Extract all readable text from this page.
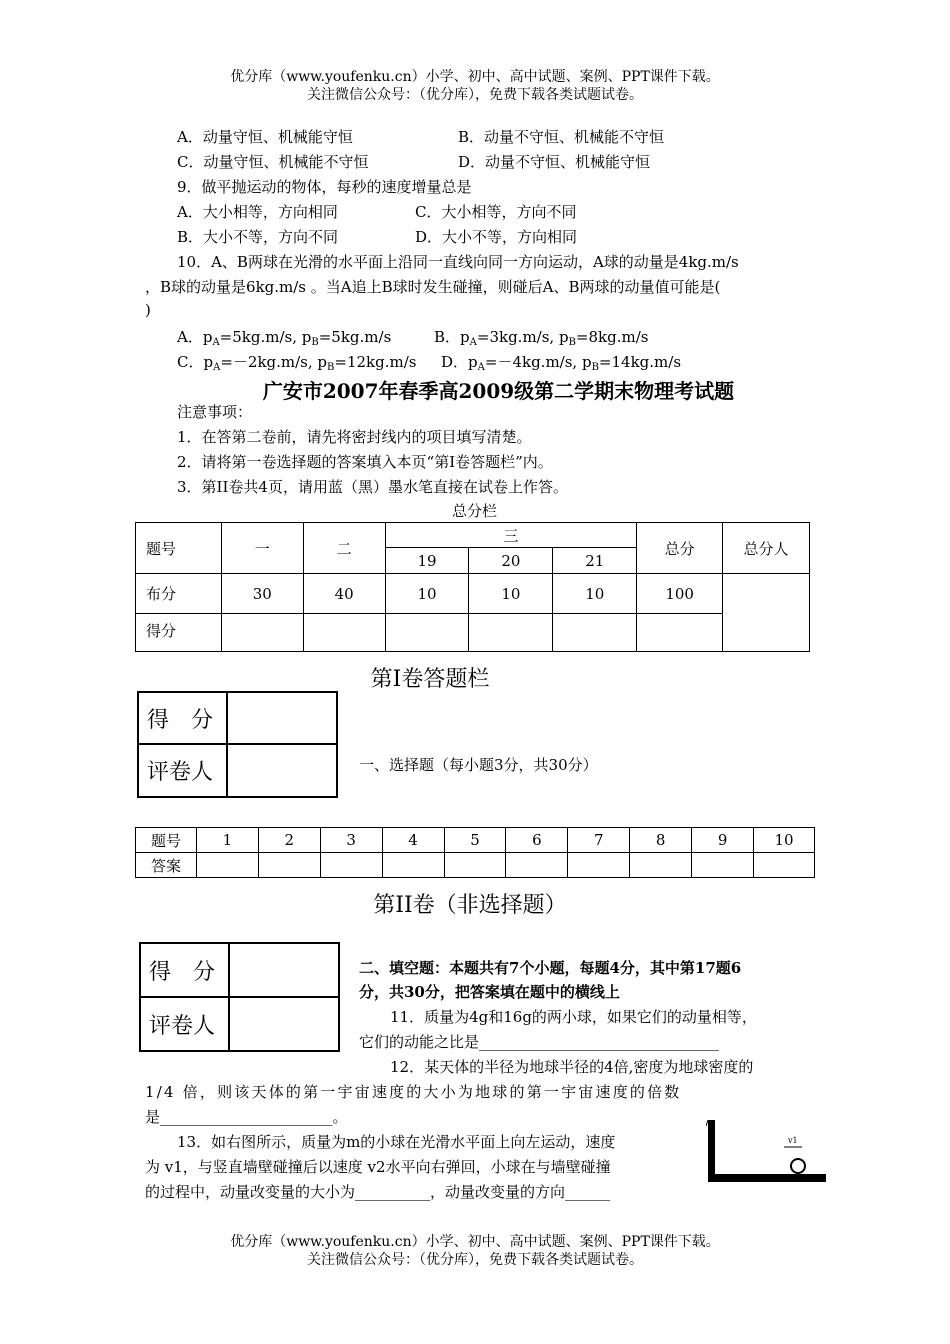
优分库（www.youfenku.cn）小学、初中、高中试题、案例、PPT课件下载。
关注微信公众号：（优分库），免费下载各类试题试卷。
A．动量守恒、机械能守恒	B．动量不守恒、机械能不守恒
C．动量守恒、机械能不守恒	D．动量不守恒、机械能守恒
9．做平抛运动的物体，每秒的速度增量总是
A．大小相等，方向相同	C．大小相等，方向不同
B．大小不等，方向不同	D．大小不等，方向相同
10．A、B两球在光滑的水平面上沿同一直线向同一方向运动，A球的动量是4kg.m/s
，B球的动量是6kg.m/s 。当A追上B球时发生碰撞，则碰后A、B两球的动量值可能是(
)
A．$p_A=5kg.m/s$, $p_B=5kg.m/s$	B．$p_A=3kg.m/s$, $p_B=8kg.m/s$
C．$p_A=-2kg.m/s$, $p_B=12kg.m/s$ D．$p_A=-4kg.m/s$, $p_B=14kg.m/s$
广安市2007年春季高2009级第二学期末物理考试题
注意事项：
1．在答第二卷前，请先将密封线内的项目填写清楚。
2．请将第一卷选择题的答案填入本页“第I卷答题栏”内。
3．第II卷共4页，请用蓝（黑）墨水笔直接在试卷上作答。
总分栏
题号	一	二	三			总分	总分人
			19	20	21		
布分	30	40	10	10	10	100	
得分							
第I卷答题栏
得　分	
评卷人		一、选择题（每小题3分，共30分）
题号	1	2	3	4	5	6	7	8	9	10
答案										
第II卷（非选择题）
得　分	
评卷人	
二、填空题：本题共有7个小题，每题4分，其中第17题6
分，共30分，把答案填在题中的横线上
11．质量为4g和16g的两小球，如果它们的动量相等，
它们的动能之比是________________________________
12．某天体的半径为地球半径的4倍,密度为地球密度的
1/4 倍，则该天体的第一宇宙速度的大小为地球的第一宇宙速度的倍数
是_______________________。
13．如右图所示，质量为m的小球在光滑水平面上向左运动，速度
为 v1，与竖直墙壁碰撞后以速度 v2水平向右弹回，小球在与墙壁碰撞
的过程中，动量改变量的大小为__________，动量改变量的方向______
v1
优分库（www.youfenku.cn）小学、初中、高中试题、案例、PPT课件下载。
关注微信公众号：（优分库），免费下载各类试题试卷。
